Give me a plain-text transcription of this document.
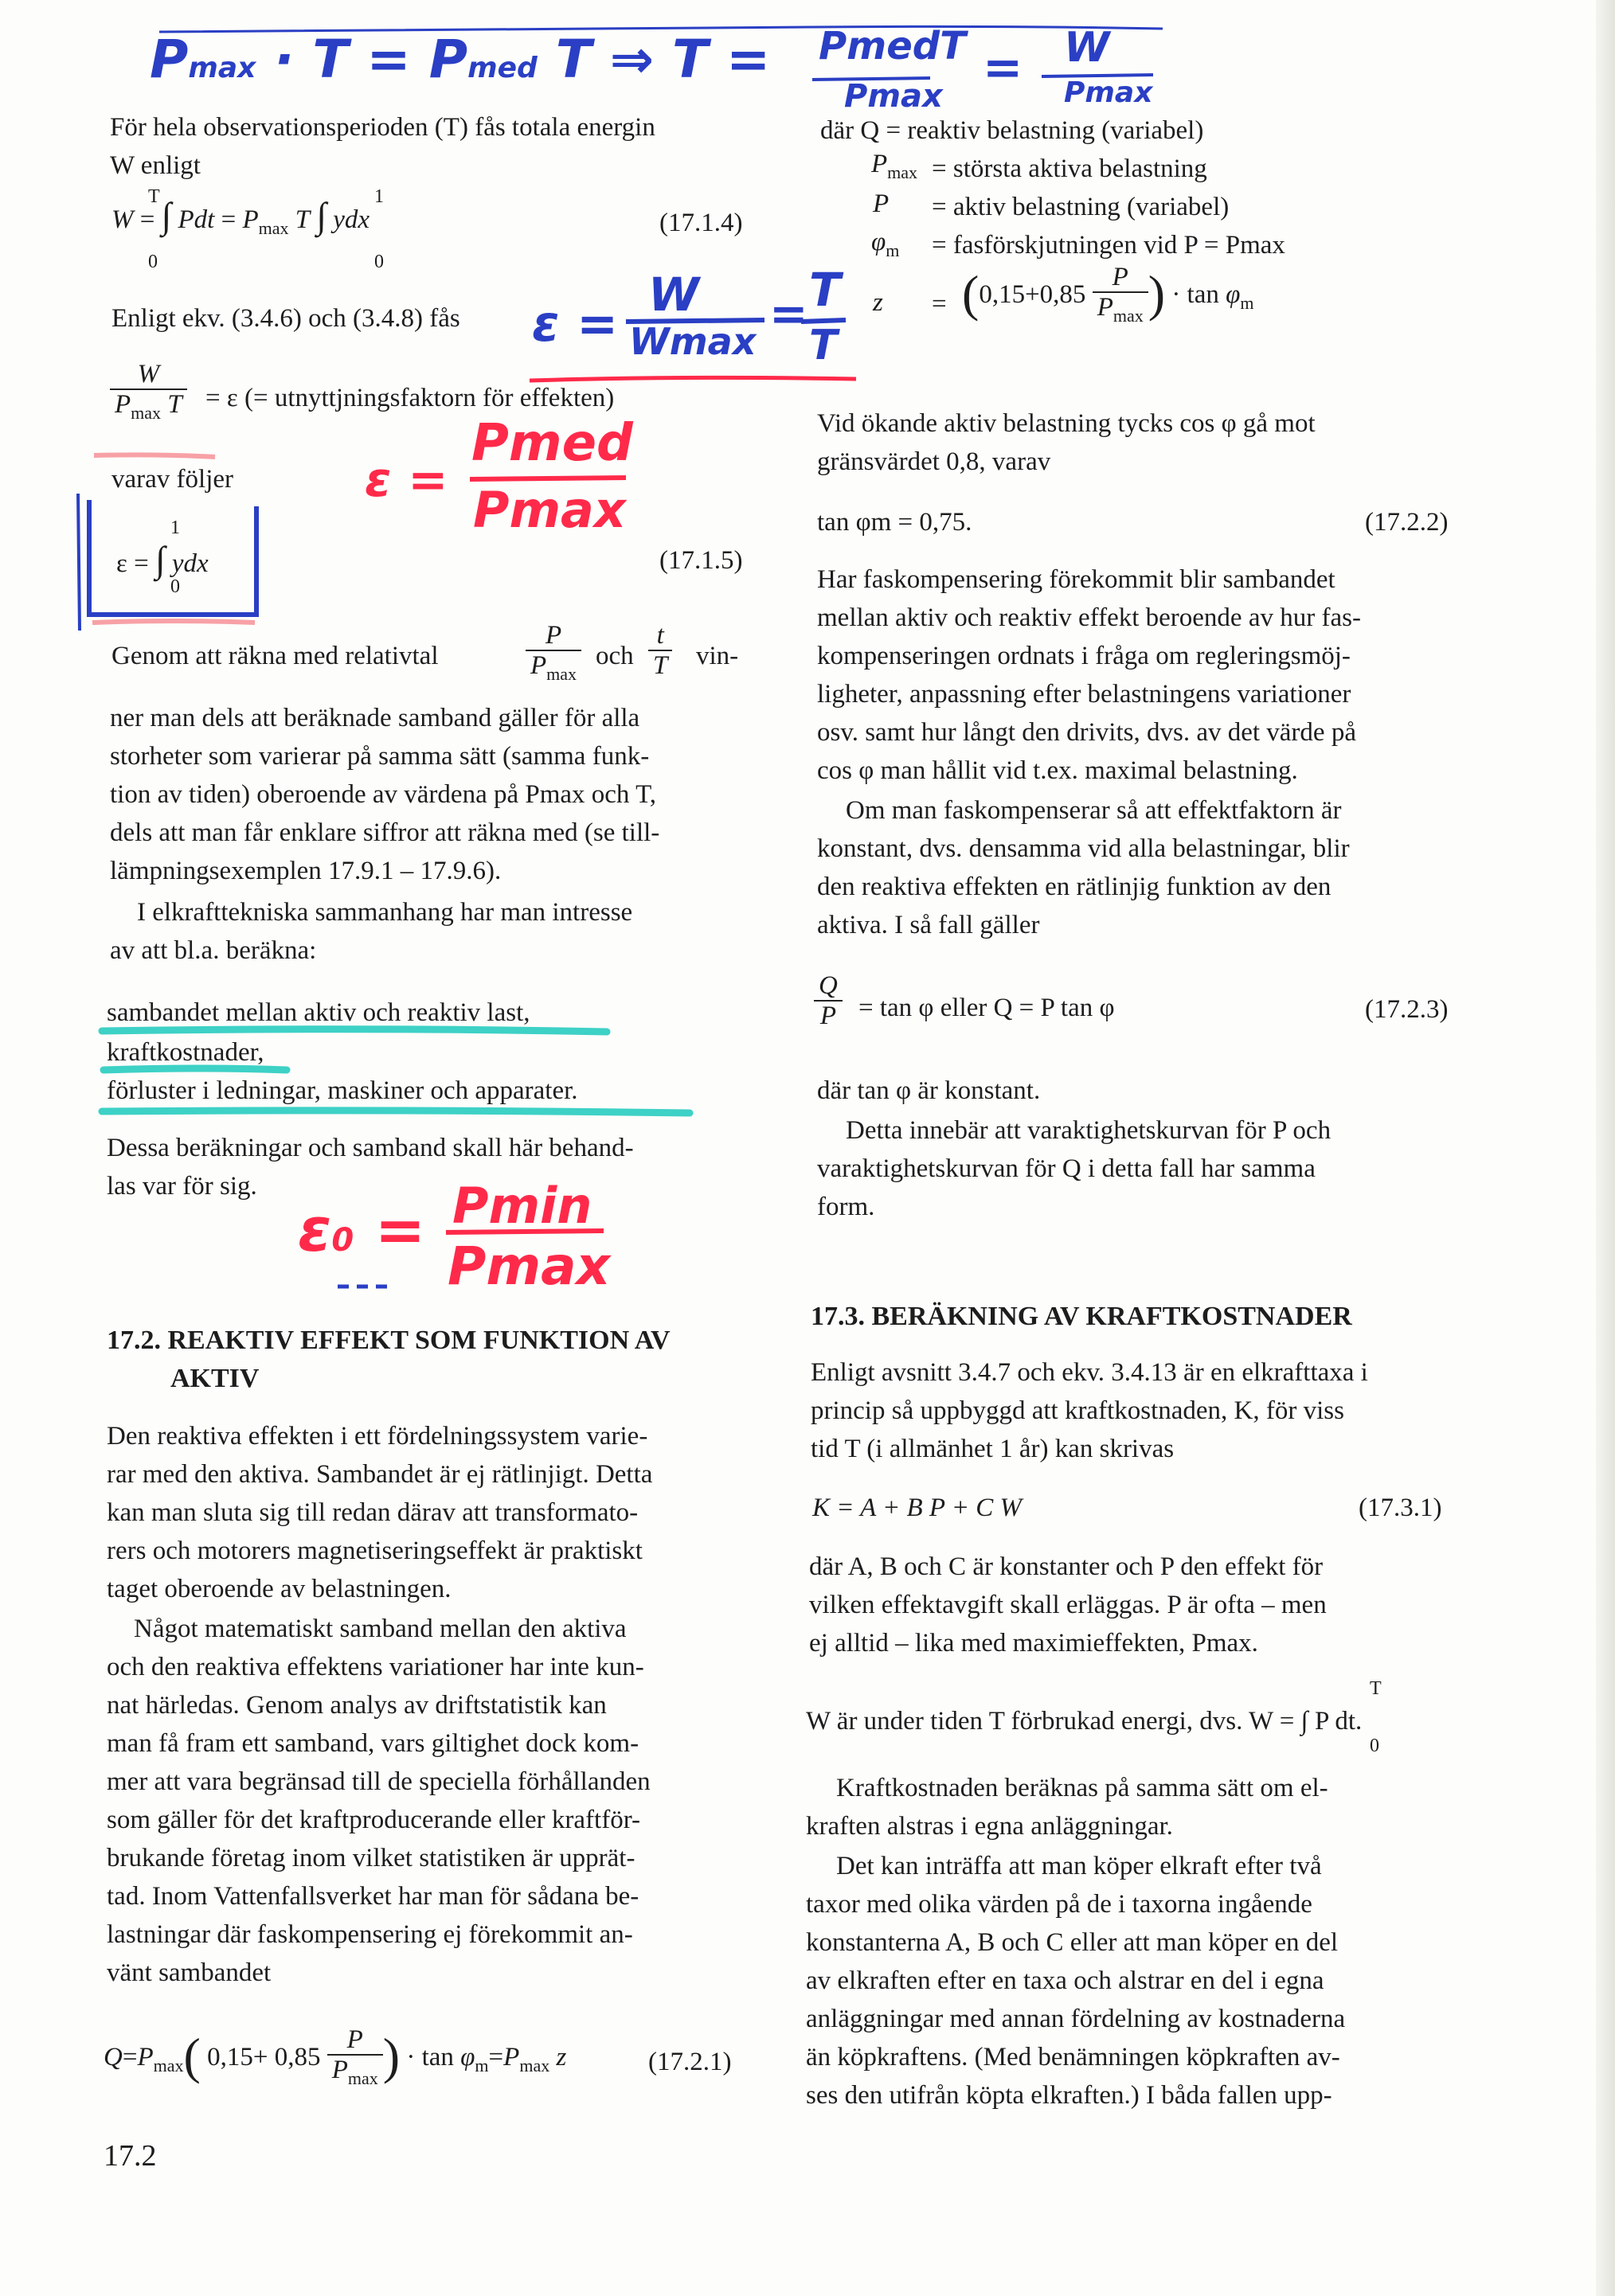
Pmax · T = Pmed T ⇒ T = PmedT
Pmax
= W
Pmax
ε = W
Wmax
= T
T
ε =
Pmed
Pmax
ε0 = Pmin
Pmax
För hela observationsperioden (T) fås totala energin
W enligt
W = ∫ Pdt = $P_{max}$ T ∫ ydx
T
0
1
0
(17.1.4)
Enligt ekv. (3.4.6) och (3.4.8) fås
$\frac{W}{P_{max} T} = \varepsilon$ (= utnyttjningsfaktorn för effekten)
varav följer
ε = ∫ ydx
1
0
(17.1.5)
Genom att räkna med relativtal	$\frac{P}{P_{max}}$ och $\frac{t}{T} vin-$
ner man dels att beräknade samband gäller för alla
storheter som varierar på samma sätt (samma funk-
tion av tiden) oberoende av värdena på Pmax och T,
dels att man får enklare siffror att räkna med (se till-
lämpningsexemplen 17.9.1 – 17.9.6).
I elkrafttekniska sammanhang har man intresse
av att bl.a. beräkna:
sambandet mellan aktiv och reaktiv last,
kraftkostnader,
förluster i ledningar, maskiner och apparater.
Dessa beräkningar och samband skall här behand-
las var för sig.
17.2. REAKTIV EFFEKT SOM FUNKTION AV
AKTIV
Den reaktiva effekten i ett fördelningssystem varie-
rar med den aktiva. Sambandet är ej rätlinjigt. Detta
kan man sluta sig till redan därav att transformato-
rers och motorers magnetiseringseffekt är praktiskt
taget oberoende av belastningen.
Något matematiskt samband mellan den aktiva
och den reaktiva effektens variationer har inte kun-
nat härledas. Genom analys av driftstatistik kan
man få fram ett samband, vars giltighet dock kom-
mer att vara begränsad till de speciella förhållanden
som gäller för det kraftproducerande eller kraftför-
brukande företag inom vilket statistiken är upprät-
tad. Inom Vattenfallsverket har man för sådana be-
lastningar där faskompensering ej förekommit an-
vänt sambandet
$Q=P_{max}$( $0,15+ 0,85 \frac{P}{P_{max}}$ ) · $\tan \varphi_m=P_{max}$ z	(17.2.1)
17.2
där Q = reaktiv belastning (variabel)
$P_{max}$ = största aktiva belastning
P = aktiv belastning (variabel)
$\varphi_m$ = fasförskjutningen vid P = Pmax
$z = (0,15+0,85 \frac{P}{P_{max}}$ ) · $\tan \varphi_m$
Vid ökande aktiv belastning tycks cos φ gå mot
gränsvärdet 0,8, varav
tan φm = 0,75.	(17.2.2)
Har faskompensering förekommit blir sambandet
mellan aktiv och reaktiv effekt beroende av hur fas-
kompenseringen ordnats i fråga om regleringsmöj-
ligheter, anpassning efter belastningens variationer
osv. samt hur långt den drivits, dvs. av det värde på
cos φ man hållit vid t.ex. maximal belastning.
Om man faskompenserar så att effektfaktorn är
konstant, dvs. densamma vid alla belastningar, blir
den reaktiva effekten en rätlinjig funktion av den
aktiva. I så fall gäller
$\frac{Q}{P} = \tan \varphi$ eller Q = P tan φ	(17.2.3)
där tan φ är konstant.
Detta innebär att varaktighetskurvan för P och
varaktighetskurvan för Q i detta fall har samma
form.
17.3. BERÄKNING AV KRAFTKOSTNADER
Enligt avsnitt 3.4.7 och ekv. 3.4.13 är en elkrafttaxa i
princip så uppbyggd att kraftkostnaden, K, för viss
tid T (i allmänhet 1 år) kan skrivas
K = A + B P + C W	(17.3.1)
där A, B och C är konstanter och P den effekt för
vilken effektavgift skall erläggas. P är ofta – men
ej alltid – lika med maximieffekten, Pmax.
W är under tiden T förbrukad energi, dvs. W = ∫ P dt.
T
0
Kraftkostnaden beräknas på samma sätt om el-
kraften alstras i egna anläggningar.
Det kan inträffa att man köper elkraft efter två
taxor med olika värden på de i taxorna ingående
konstanterna A, B och C eller att man köper en del
av elkraften efter en taxa och alstrar en del i egna
anläggningar med annan fördelning av kostnaderna
än köpkraftens. (Med benämningen köpkraften av-
ses den utifrån köpta elkraften.) I båda fallen upp-
